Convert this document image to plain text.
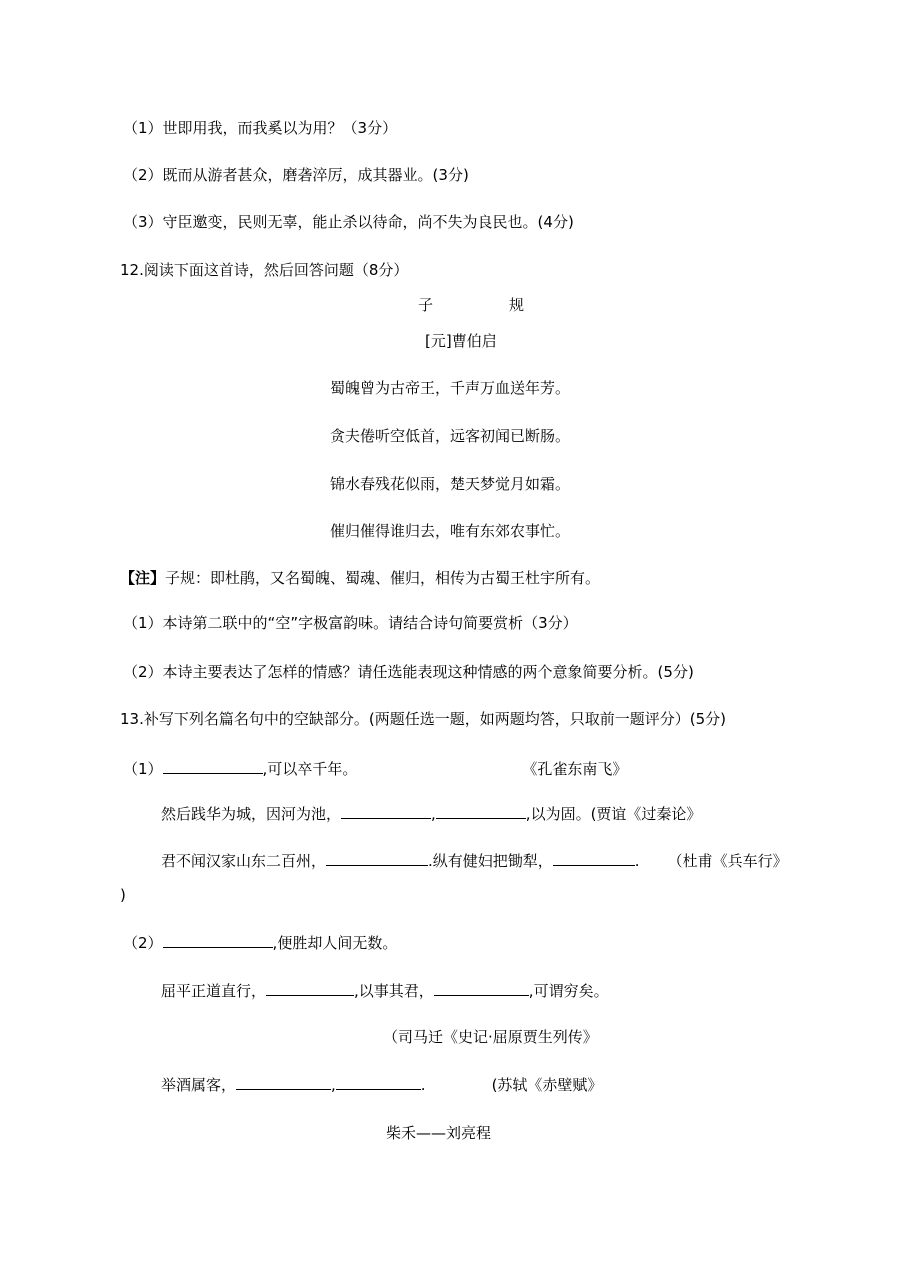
（1）世即用我，而我奚以为用？（3分）
（2）既而从游者甚众，磨砻淬厉，成其器业。(3分)
（3）守臣邀变，民则无辜，能止杀以待命，尚不失为良民也。(4分)
12.阅读下面这首诗，然后回答问题（8分）
子	规
[元]曹伯启
蜀魄曾为古帝王，千声万血送年芳。
贪夫倦听空低首，远客初闻已断肠。
锦水春残花似雨，楚天梦觉月如霜。
催归催得谁归去，唯有东郊农事忙。
【注】子规：即杜鹃，又名蜀魄、蜀魂、催归，相传为古蜀王杜宇所有。
（1）本诗第二联中的“空”字极富韵味。请结合诗句简要赏析（3分）
（2）本诗主要表达了怎样的情感？请任选能表现这种情感的两个意象简要分析。(5分)
13.补写下列名篇名句中的空缺部分。(两题任选一题，如两题均答，只取前一题评分）(5分)
（1）	,可以卒千年。	《孔雀东南飞》
然后践华为城，因河为池，	,	,以为固。(贾谊《过秦论》
君不闻汉家山东二百州，	.纵有健妇把锄犁，	. （杜甫《兵车行》
)
（2）	,便胜却人间无数。
屈平正道直行，	,以事其君，	,可谓穷矣。
（司马迁《史记·屈原贾生列传》
举酒属客，	,	.	(苏轼《赤壁赋》
柴禾——刘亮程
